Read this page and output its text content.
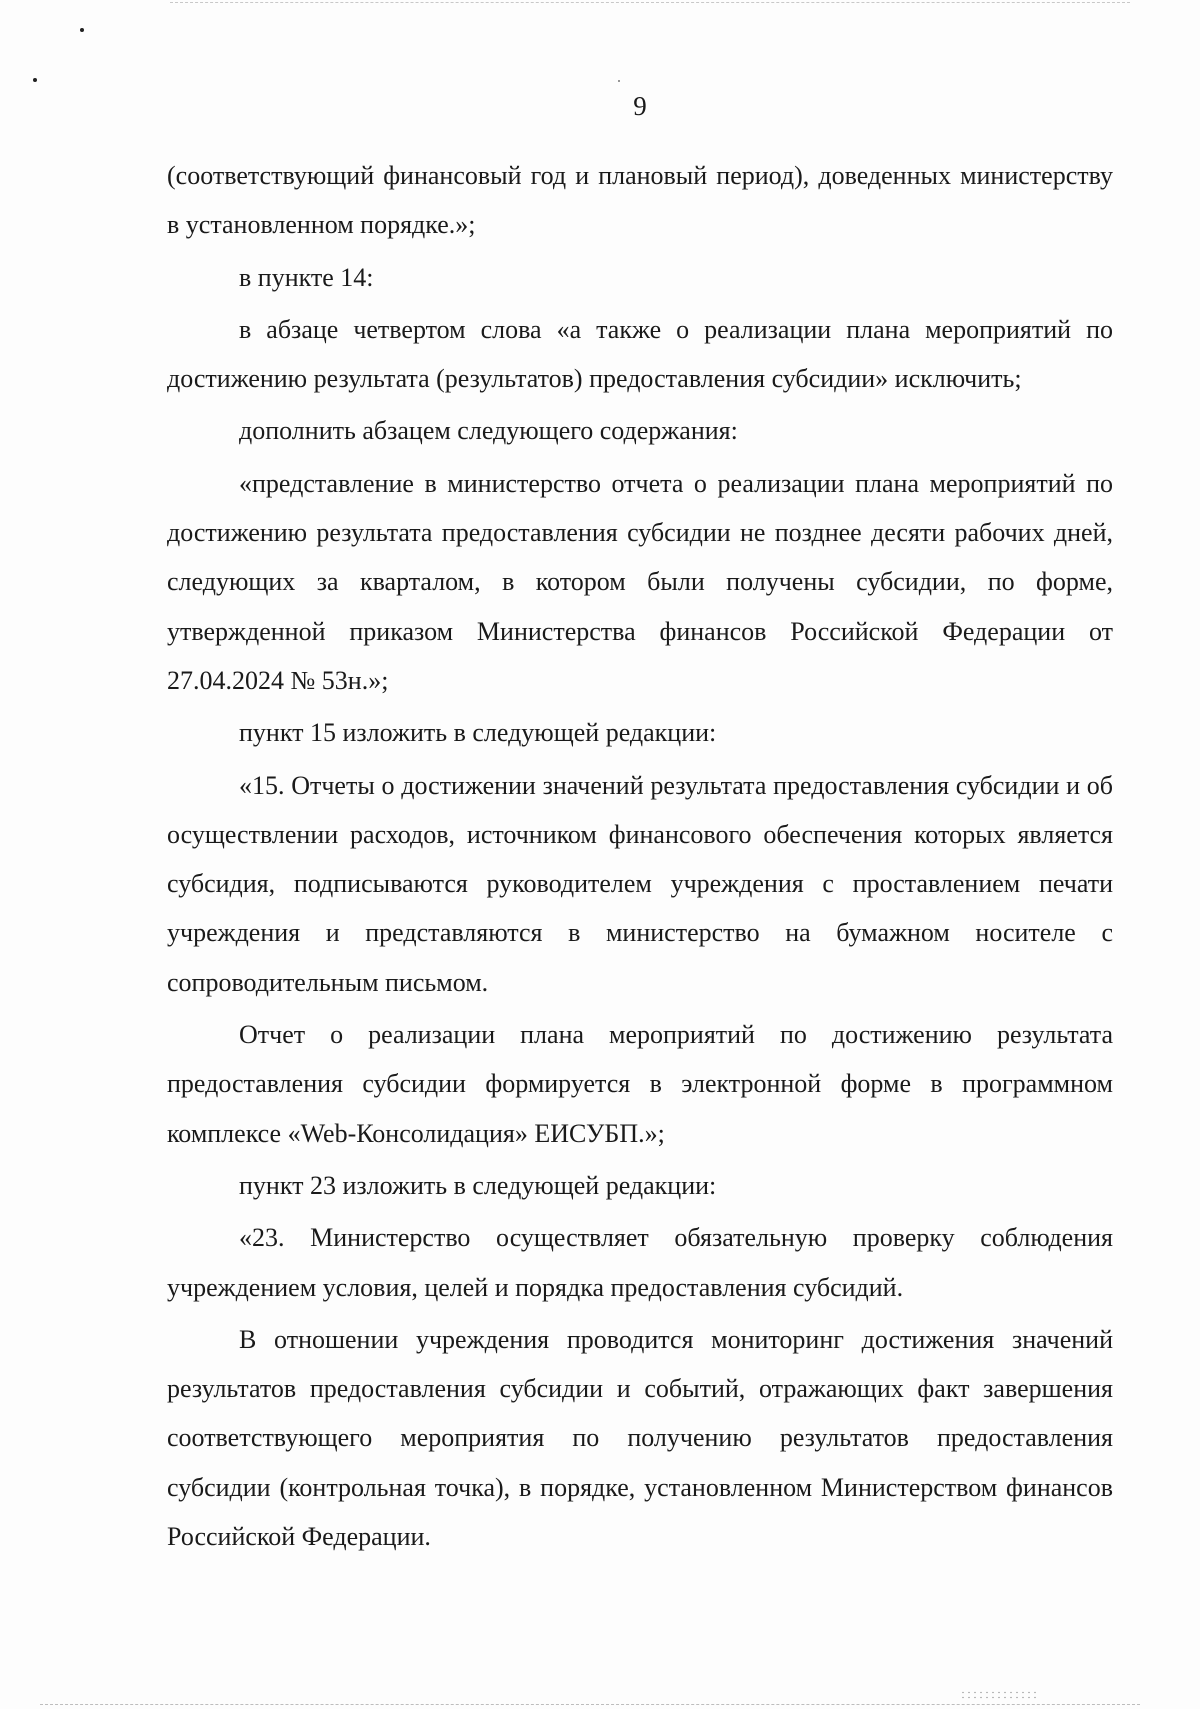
9

(соответствующий финансовый год и плановый период), доведенных министерству в установленном порядке.»;

в пункте 14:

в абзаце четвертом слова «а также о реализации плана мероприятий по достижению результата (результатов) предоставления субсидии» исключить;

дополнить абзацем следующего содержания:

«представление в министерство отчета о реализации плана мероприятий по достижению результата предоставления субсидии не позднее десяти рабочих дней, следующих за кварталом, в котором были получены субсидии, по форме, утвержденной приказом Министерства финансов Российской Федерации от 27.04.2024 № 53н.»;

пункт 15 изложить в следующей редакции:

«15. Отчеты о достижении значений результата предоставления субсидии и об осуществлении расходов, источником финансового обеспечения которых является субсидия, подписываются руководителем учреждения с проставлением печати учреждения и представляются в министерство на бумажном носителе с сопроводительным письмом.

Отчет о реализации плана мероприятий по достижению результата предоставления субсидии формируется в электронной форме в программном комплексе «Web-Консолидация» ЕИСУБП.»;

пункт 23 изложить в следующей редакции:

«23. Министерство осуществляет обязательную проверку соблюдения учреждением условия, целей и порядка предоставления субсидий.

В отношении учреждения проводится мониторинг достижения значений результатов предоставления субсидии и событий, отражающих факт завершения соответствующего мероприятия по получению результатов предоставления субсидии (контрольная точка), в порядке, установленном Министерством финансов Российской Федерации.
